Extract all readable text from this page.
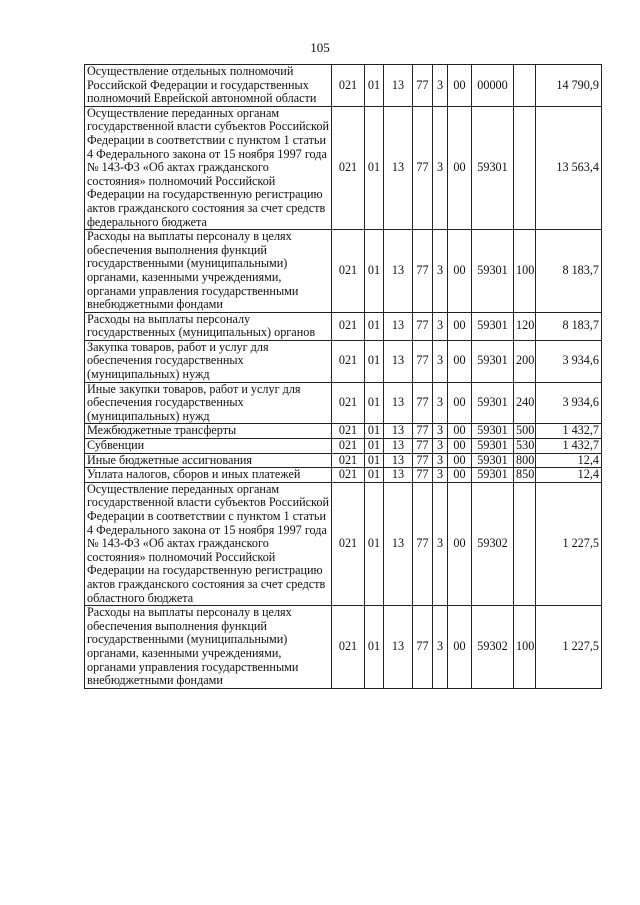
105
Осуществление отдельных полномочий Российской Федерации и государственных полномочий Еврейской автономной области	021	01	13	77	3	00	00000		14 790,9
Осуществление переданных органам государственной власти субъектов Российской Федерации в соответствии с пунктом 1 статьи 4 Федерального закона от 15 ноября 1997 года № 143-ФЗ «Об актах гражданского состояния» полномочий Российской Федерации на государственную регистрацию актов гражданского состояния за счет средств федерального бюджета	021	01	13	77	3	00	59301		13 563,4
Расходы на выплаты персоналу в целях обеспечения выполнения функций государственными (муниципальными) органами, казенными учреждениями, органами управления государственными внебюджетными фондами	021	01	13	77	3	00	59301	100	8 183,7
Расходы на выплаты персоналу государственных (муниципальных) органов	021	01	13	77	3	00	59301	120	8 183,7
Закупка товаров, работ и услуг для обеспечения государственных (муниципальных) нужд	021	01	13	77	3	00	59301	200	3 934,6
Иные закупки товаров, работ и услуг для обеспечения государственных (муниципальных) нужд	021	01	13	77	3	00	59301	240	3 934,6
Межбюджетные трансферты	021	01	13	77	3	00	59301	500	1 432,7
Субвенции	021	01	13	77	3	00	59301	530	1 432,7
Иные бюджетные ассигнования	021	01	13	77	3	00	59301	800	12,4
Уплата налогов, сборов и иных платежей	021	01	13	77	3	00	59301	850	12,4
Осуществление переданных органам государственной власти субъектов Российской Федерации в соответствии с пунктом 1 статьи 4 Федерального закона от 15 ноября 1997 года № 143-ФЗ «Об актах гражданского состояния» полномочий Российской Федерации на государственную регистрацию актов гражданского состояния за счет средств областного бюджета	021	01	13	77	3	00	59302		1 227,5
Расходы на выплаты персоналу в целях обеспечения выполнения функций государственными (муниципальными) органами, казенными учреждениями, органами управления государственными внебюджетными фондами	021	01	13	77	3	00	59302	100	1 227,5
